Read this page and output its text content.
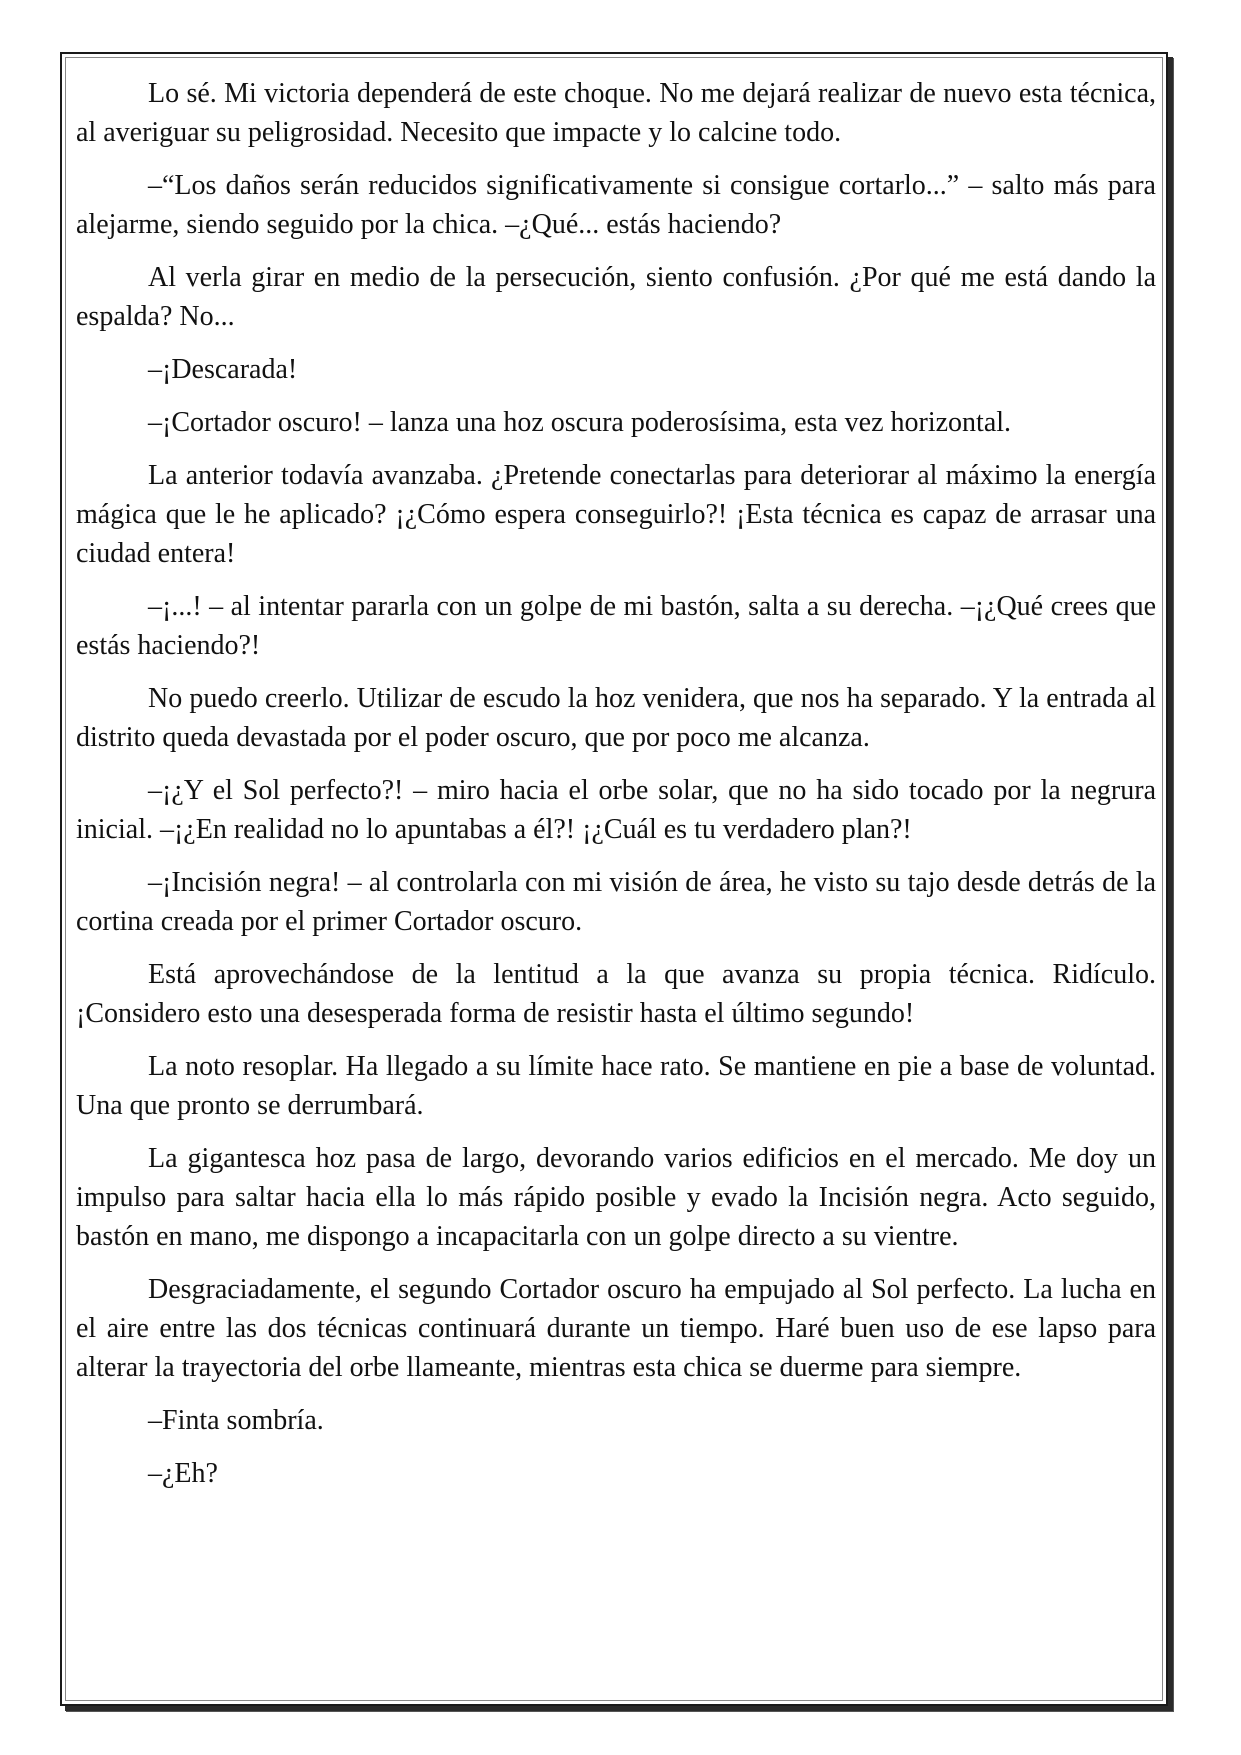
Lo sé. Mi victoria dependerá de este choque. No me dejará realizar de nuevo esta técnica, al averiguar su peligrosidad. Necesito que impacte y lo calcine todo.

–“Los daños serán reducidos significativamente si consigue cortarlo...” – salto más para alejarme, siendo seguido por la chica. –¿Qué... estás haciendo?

Al verla girar en medio de la persecución, siento confusión. ¿Por qué me está dando la espalda? No...

–¡Descarada!

–¡Cortador oscuro! – lanza una hoz oscura poderosísima, esta vez horizontal.

La anterior todavía avanzaba. ¿Pretende conectarlas para deteriorar al máximo la energía mágica que le he aplicado? ¡¿Cómo espera conseguirlo?! ¡Esta técnica es capaz de arrasar una ciudad entera!

–¡...! – al intentar pararla con un golpe de mi bastón, salta a su derecha. –¡¿Qué crees que estás haciendo?!

No puedo creerlo. Utilizar de escudo la hoz venidera, que nos ha separado. Y la entrada al distrito queda devastada por el poder oscuro, que por poco me alcanza.

–¡¿Y el Sol perfecto?! – miro hacia el orbe solar, que no ha sido tocado por la negrura inicial. –¡¿En realidad no lo apuntabas a él?! ¡¿Cuál es tu verdadero plan?!

–¡Incisión negra! – al controlarla con mi visión de área, he visto su tajo desde detrás de la cortina creada por el primer Cortador oscuro.

Está aprovechándose de la lentitud a la que avanza su propia técnica. Ridículo. ¡Considero esto una desesperada forma de resistir hasta el último segundo!

La noto resoplar. Ha llegado a su límite hace rato. Se mantiene en pie a base de voluntad. Una que pronto se derrumbará.

La gigantesca hoz pasa de largo, devorando varios edificios en el mercado. Me doy un impulso para saltar hacia ella lo más rápido posible y evado la Incisión negra. Acto seguido, bastón en mano, me dispongo a incapacitarla con un golpe directo a su vientre.

Desgraciadamente, el segundo Cortador oscuro ha empujado al Sol perfecto. La lucha en el aire entre las dos técnicas continuará durante un tiempo. Haré buen uso de ese lapso para alterar la trayectoria del orbe llameante, mientras esta chica se duerme para siempre.

–Finta sombría.

–¿Eh?
